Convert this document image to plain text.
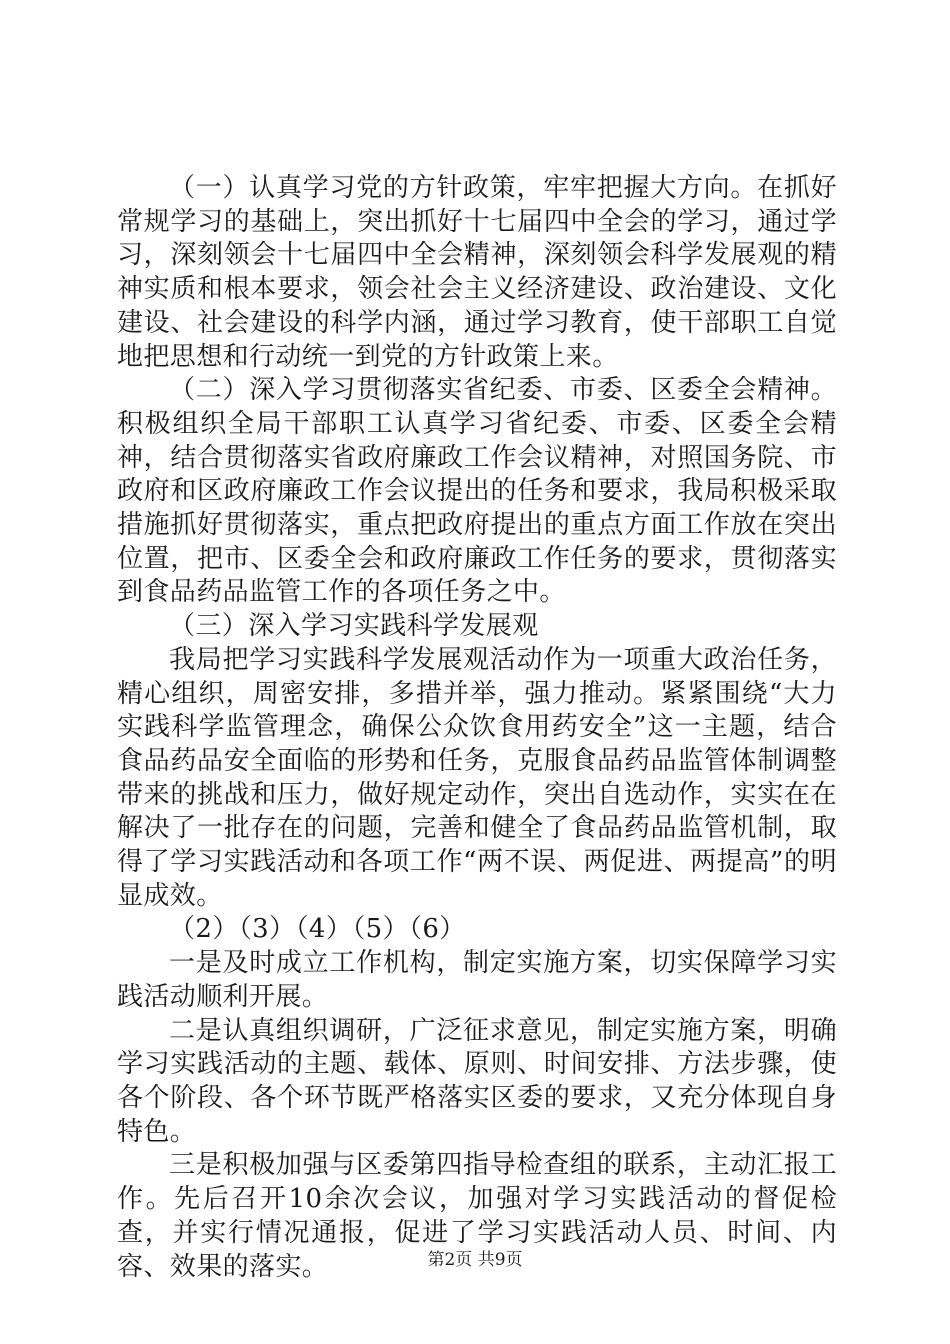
（一）认真学习党的方针政策，牢牢把握大方向。在抓好常规学习的基础上，突出抓好十七届四中全会的学习，通过学习，深刻领会十七届四中全会精神，深刻领会科学发展观的精神实质和根本要求，领会社会主义经济建设、政治建设、文化建设、社会建设的科学内涵，通过学习教育，使干部职工自觉地把思想和行动统一到党的方针政策上来。

（二）深入学习贯彻落实省纪委、市委、区委全会精神。积极组织全局干部职工认真学习省纪委、市委、区委全会精神，结合贯彻落实省政府廉政工作会议精神，对照国务院、市政府和区政府廉政工作会议提出的任务和要求，我局积极采取措施抓好贯彻落实，重点把政府提出的重点方面工作放在突出位置，把市、区委全会和政府廉政工作任务的要求，贯彻落实到食品药品监管工作的各项任务之中。

（三）深入学习实践科学发展观

我局把学习实践科学发展观活动作为一项重大政治任务，精心组织，周密安排，多措并举，强力推动。紧紧围绕“大力实践科学监管理念，确保公众饮食用药安全”这一主题，结合食品药品安全面临的形势和任务，克服食品药品监管体制调整带来的挑战和压力，做好规定动作，突出自选动作，实实在在解决了一批存在的问题，完善和健全了食品药品监管机制，取得了学习实践活动和各项工作“两不误、两促进、两提高”的明显成效。

（2）（3）（4）（5）（6）

一是及时成立工作机构，制定实施方案，切实保障学习实践活动顺利开展。

二是认真组织调研，广泛征求意见，制定实施方案，明确学习实践活动的主题、载体、原则、时间安排、方法步骤，使各个阶段、各个环节既严格落实区委的要求，又充分体现自身特色。

三是积极加强与区委第四指导检查组的联系，主动汇报工作。先后召开10余次会议，加强对学习实践活动的督促检查，并实行情况通报，促进了学习实践活动人员、时间、内容、效果的落实。	第2页 共9页
